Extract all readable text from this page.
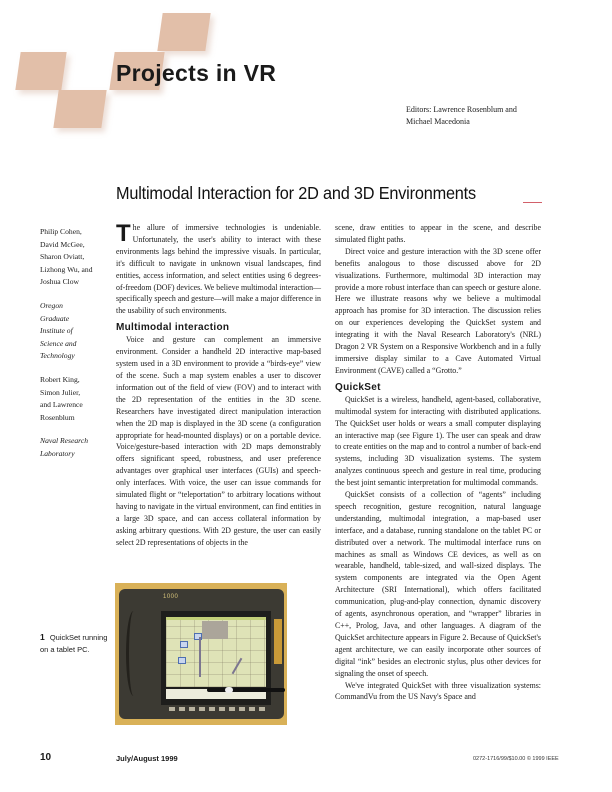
Projects in VR
Editors: Lawrence Rosenblum and
Michael Macedonia
Multimodal Interaction for 2D and 3D Environments

Philip Cohen,
David McGee,
Sharon Oviatt,
Lizhong Wu, and
Joshua Clow

Oregon
Graduate
Institute of
Science and
Technology

Robert King,
Simon Julier,
and Lawrence
Rosenblum

Naval Research
Laboratory

The allure of immersive technologies is undeniable. Unfortunately, the user's ability to interact with these environments lags behind the impressive visuals. In particular, it's difficult to navigate in unknown visual landscapes, find entities, access information, and select entities using 6 degrees-of-freedom (DOF) devices. We believe multimodal interaction—specifically speech and gesture—will make a major difference in the usability of such environments.

Multimodal interaction

Voice and gesture can complement an immersive environment. Consider a handheld 2D interactive map-based system used in a 3D environment to provide a “birds-eye” view of the scene. Such a map system enables a user to discover information out of the field of view (FOV) and to interact with the 2D representation of the entities in the 3D scene. Researchers have investigated direct manipulation interaction when the 2D map is displayed in the 3D scene (a configuration appropriate for head-mounted displays) or on a portable device. Voice/gesture-based interaction with 2D maps demonstrably offers significant speed, robustness, and user preference advantages over graphical user interfaces (GUIs) and speech-only interfaces. With voice, the user can issue commands for simulated flight or “teleportation” to arbitrary locations without having to navigate in the virtual environment, can find entities in a large 3D space, and can access collateral information by asking arbitrary questions. With 2D gesture, the user can easily select 2D representations of objects in the

scene, draw entities to appear in the scene, and describe simulated flight paths.

Direct voice and gesture interaction with the 3D scene offer benefits analogous to those discussed above for 2D visualizations. Furthermore, multimodal 3D interaction may provide a more robust interface than can speech or gesture alone. Here we illustrate reasons why we believe a multimodal approach has promise for 3D interaction. The discussion relies on our experiences developing the QuickSet system and integrating it with the Naval Research Laboratory's (NRL) Dragon 2 VR System on a Responsive Workbench and in a fully immersive display similar to a Cave Automated Virtual Environment (CAVE) called a “Grotto.”

QuickSet

QuickSet is a wireless, handheld, agent-based, collaborative, multimodal system for interacting with distributed applications. The QuickSet user holds or wears a small computer displaying an interactive map (see Figure 1). The user can speak and draw to create entities on the map and to control a number of back-end systems, including 3D visualization systems. The system analyzes continuous speech and gesture in real time, producing the best joint semantic interpretation for multimodal commands.

QuickSet consists of a collection of “agents” including speech recognition, gesture recognition, natural language understanding, multimodal integration, a map-based user interface, and a database, running standalone on the tablet PC or distributed over a network. The multimodal interface runs on machines as small as Windows CE devices, as well as on wearable, handheld, table-sized, and wall-sized displays. The system components are integrated via the Open Agent Architecture (SRI International), which offers facilitated communication, plug-and-play connection, dynamic discovery of agents, asynchronous operation, and “wrapper” libraries in C++, Prolog, Java, and other languages. A diagram of the QuickSet architecture appears in Figure 2. Because of QuickSet's agent architecture, we can easily incorporate other sources of digital “ink” besides an electronic stylus, plus other devices for signaling the onset of speech.

We've integrated QuickSet with three visualization systems: CommandVu from the US Navy's Space and

1000
1 QuickSet running on a tablet PC.
10	July/August 1999	0272-1716/99/$10.00 © 1999 IEEE
